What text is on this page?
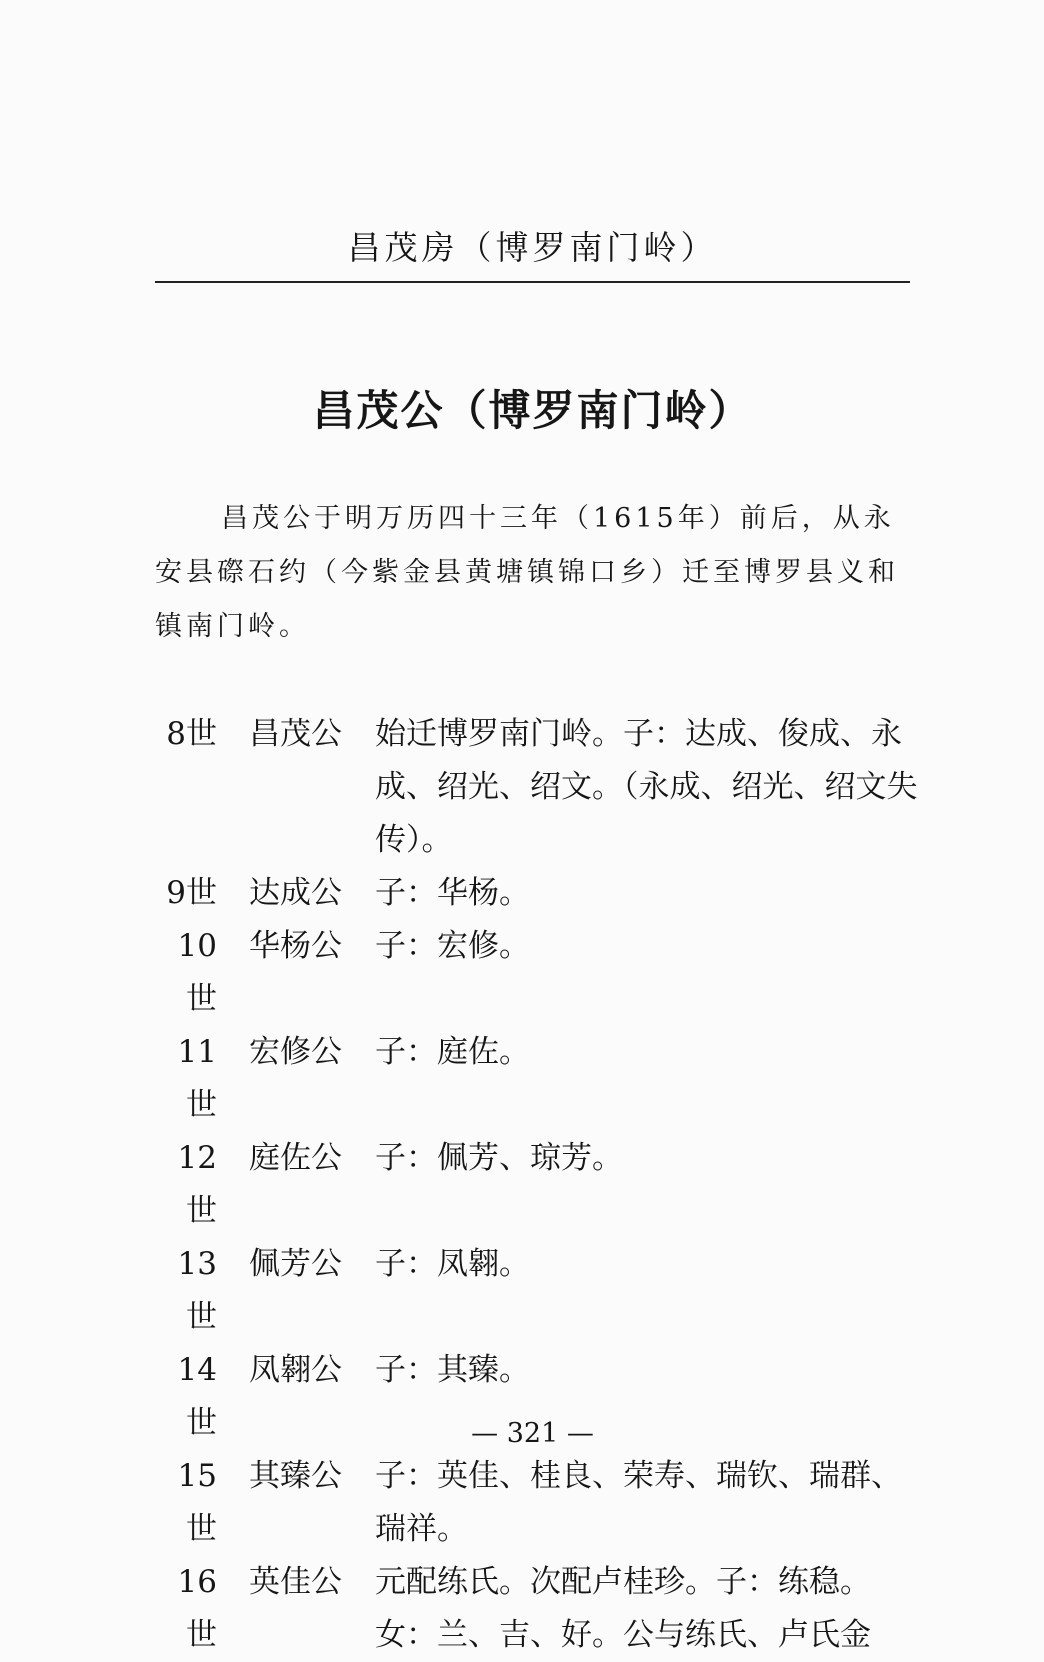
昌茂房（博罗南门岭）
昌茂公（博罗南门岭）
昌茂公于明万历四十三年（1615年）前后，从永安县磜石约（今紫金县黄塘镇锦口乡）迁至博罗县义和镇南门岭。
8世 昌茂公 始迁博罗南门岭。子：达成、俊成、永成、绍光、绍文。（永成、绍光、绍文失传）。
9世 达成公 子：华杨。
10世
华杨公 子：宏修。
11世
宏修公 子：庭佐。
12世
庭佐公 子：佩芳、琼芳。
13世
佩芳公 子：凤翱。
14世
凤翱公 子：其臻。
15世
其臻公 子：英佳、桂良、荣寿、瑞钦、瑞群、瑞祥。
16世
英佳公 元配练氏。次配卢桂珍。子：练稳。女：兰、吉、好。公与练氏、卢氏金
— 321 —
